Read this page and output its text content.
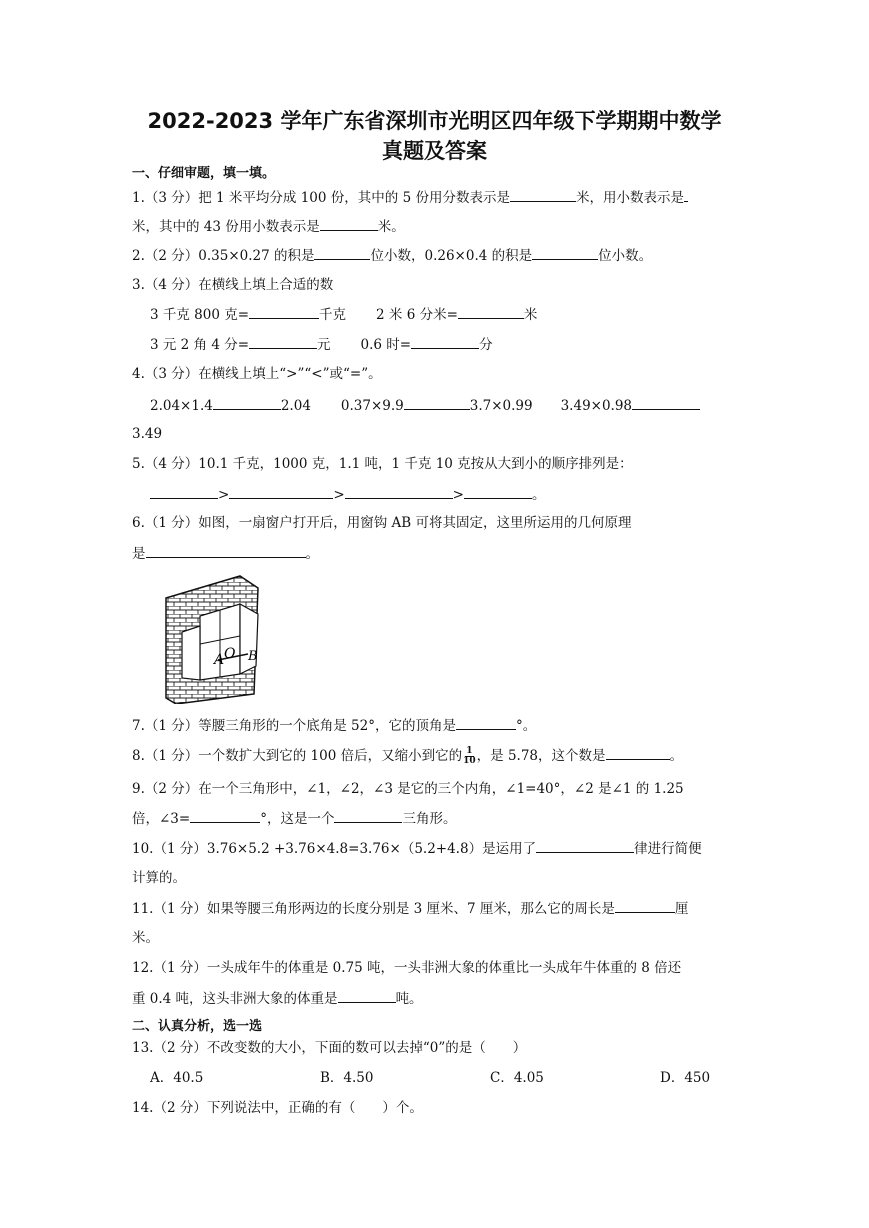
2022-2023 学年广东省深圳市光明区四年级下学期期中数学
真题及答案
一、仔细审题，填一填。
1.（3 分）把 1 米平均分成 100 份，其中的 5 份用分数表示是	米，用小数表示是
米，其中的 43 份用小数表示是	米。
2.（2 分）0.35×0.27 的积是	位小数，0.26×0.4 的积是	位小数。
3.（4 分）在横线上填上合适的数
3 千克 800 克=	千克 2 米 6 分米=	米
3 元 2 角 4 分=	元 0.6 时=	分
4.（3 分）在横线上填上“>”“<”或“=”。
2.04×1.4	2.04 0.37×9.9	3.7×0.99 3.49×0.98
3.49
5.（4 分）10.1 千克，1000 克，1.1 吨，1 千克 10 克按从大到小的顺序排列是：
>	>	>	。
6.（1 分）如图，一扇窗户打开后，用窗钩 AB 可将其固定，这里所运用的几何原理
是	。
A O B
7.（1 分）等腰三角形的一个底角是 52°，它的顶角是	°。
8.（1 分）一个数扩大到它的 100 倍后，又缩小到它的 $\frac{1}{10}$ ，是 5.78，这个数是	。
9.（2 分）在一个三角形中，∠1，∠2，∠3 是它的三个内角，∠1=40°，∠2 是∠1 的 1.25
倍，∠3=	°，这是一个	三角形。
10.（1 分）3.76×5.2 +3.76×4.8=3.76×（5.2+4.8）是运用了	律进行简便
计算的。
11.（1 分）如果等腰三角形两边的长度分别是 3 厘米、7 厘米，那么它的周长是	厘
米。
12.（1 分）一头成年牛的体重是 0.75 吨，一头非洲大象的体重比一头成年牛体重的 8 倍还
重 0.4 吨，这头非洲大象的体重是	吨。
二、认真分析，选一选
13.（2 分）不改变数的大小，下面的数可以去掉“0”的是（　　）
A．40.5	B．4.50	C．4.05	D．450
14.（2 分）下列说法中，正确的有（　　）个。
